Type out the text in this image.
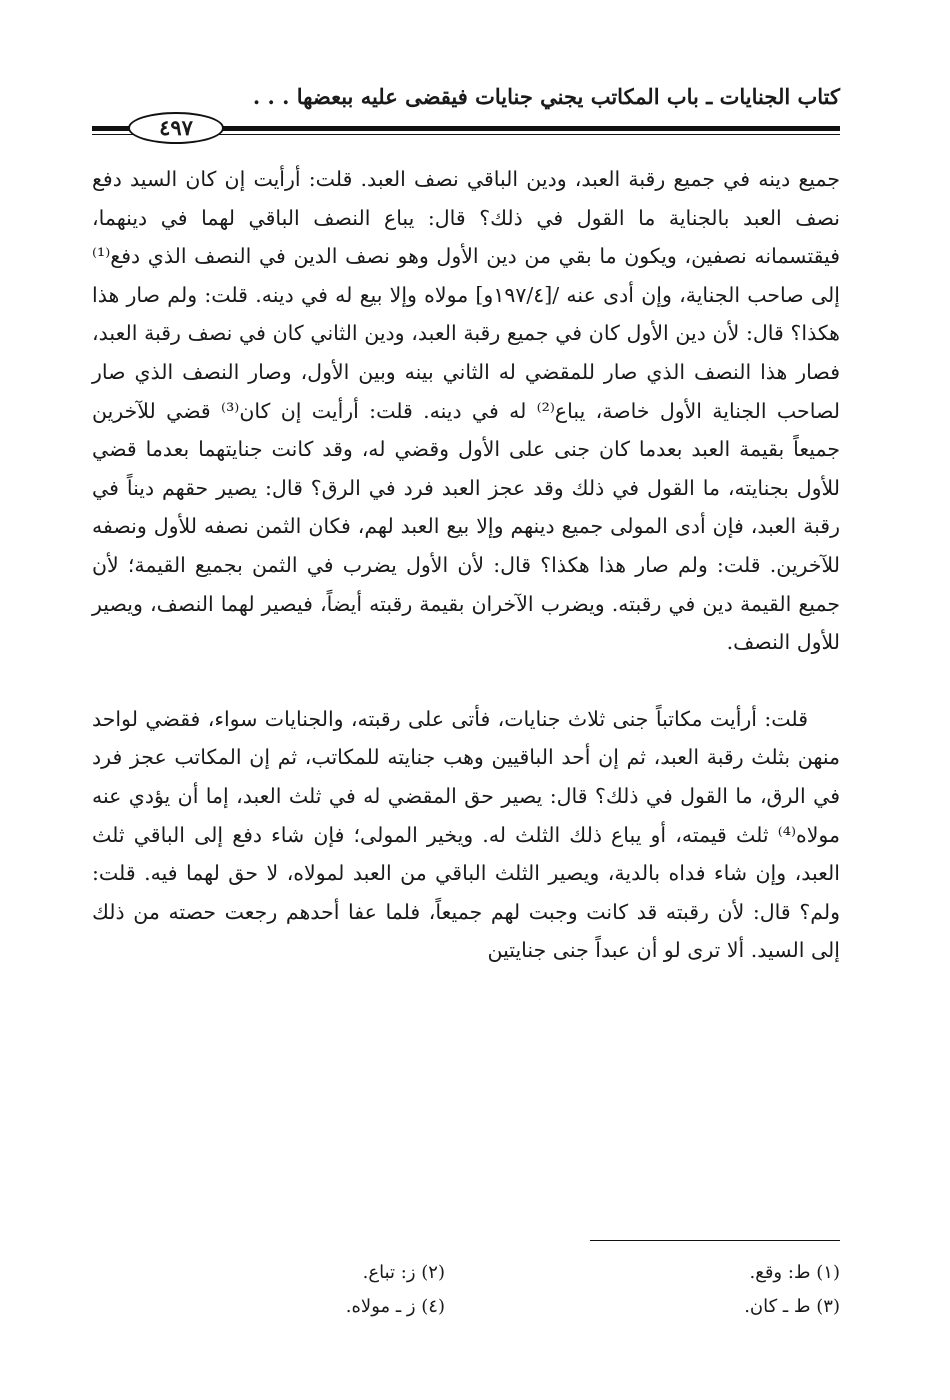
كتاب الجنايات ـ باب المكاتب يجني جنايات فيقضى عليه ببعضها . . .
٤٩٧

جميع دينه في جميع رقبة العبد، ودين الباقي نصف العبد. قلت: أرأيت إن كان السيد دفع نصف العبد بالجناية ما القول في ذلك؟ قال: يباع النصف الباقي لهما في دينهما، فيقتسمانه نصفين، ويكون ما بقي من دين الأول وهو نصف الدين في النصف الذي دفع⁽¹⁾ إلى صاحب الجناية، وإن أدى عنه /[١٩٧/٤و] مولاه وإلا بيع له في دينه. قلت: ولم صار هذا هكذا؟ قال: لأن دين الأول كان في جميع رقبة العبد، ودين الثاني كان في نصف رقبة العبد، فصار هذا النصف الذي صار للمقضي له الثاني بينه وبين الأول، وصار النصف الذي صار لصاحب الجناية الأول خاصة، يباع⁽²⁾ له في دينه. قلت: أرأيت إن كان⁽³⁾ قضي للآخرين جميعاً بقيمة العبد بعدما كان جنى على الأول وقضي له، وقد كانت جنايتهما بعدما قضي للأول بجنايته، ما القول في ذلك وقد عجز العبد فرد في الرق؟ قال: يصير حقهم ديناً في رقبة العبد، فإن أدى المولى جميع دينهم وإلا بيع العبد لهم، فكان الثمن نصفه للأول ونصفه للآخرين. قلت: ولم صار هذا هكذا؟ قال: لأن الأول يضرب في الثمن بجميع القيمة؛ لأن جميع القيمة دين في رقبته. ويضرب الآخران بقيمة رقبته أيضاً، فيصير لهما النصف، ويصير للأول النصف.

قلت: أرأيت مكاتباً جنى ثلاث جنايات، فأتى على رقبته، والجنايات سواء، فقضي لواحد منهن بثلث رقبة العبد، ثم إن أحد الباقيين وهب جنايته للمكاتب، ثم إن المكاتب عجز فرد في الرق، ما القول في ذلك؟ قال: يصير حق المقضي له في ثلث العبد، إما أن يؤدي عنه مولاه⁽⁴⁾ ثلث قيمته، أو يباع ذلك الثلث له. ويخير المولى؛ فإن شاء دفع إلى الباقي ثلث العبد، وإن شاء فداه بالدية، ويصير الثلث الباقي من العبد لمولاه، لا حق لهما فيه. قلت: ولم؟ قال: لأن رقبته قد كانت وجبت لهم جميعاً، فلما عفا أحدهم رجعت حصته من ذلك إلى السيد. ألا ترى لو أن عبداً جنى جنايتين

(١) ط: وقع.
(٢) ز: تباع.
(٣) ط ـ كان.
(٤) ز ـ مولاه.
